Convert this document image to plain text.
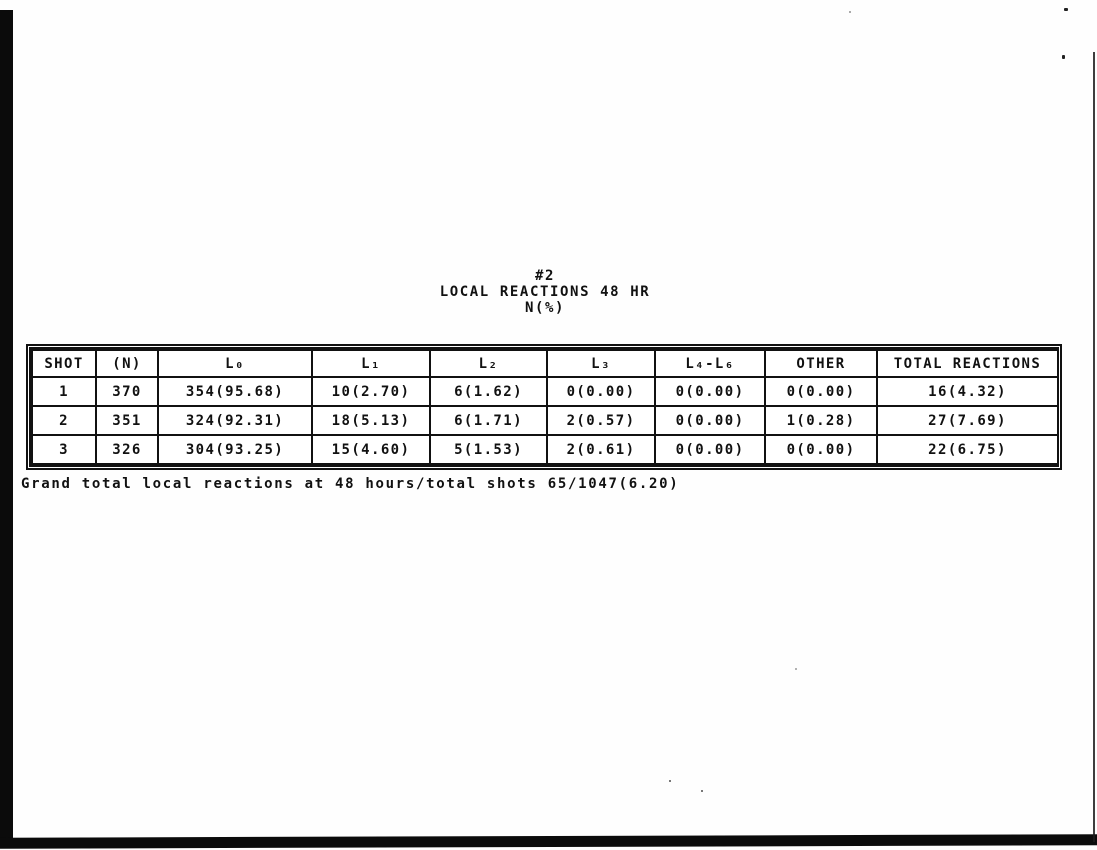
#2
LOCAL REACTIONS 48 HR
N(%)
SHOT	(N)	L₀	L₁	L₂	L₃	L₄-L₆	OTHER	TOTAL REACTIONS
1	370	354(95.68)	10(2.70)	6(1.62)	0(0.00)	0(0.00)	0(0.00)	16(4.32)
2	351	324(92.31)	18(5.13)	6(1.71)	2(0.57)	0(0.00)	1(0.28)	27(7.69)
3	326	304(93.25)	15(4.60)	5(1.53)	2(0.61)	0(0.00)	0(0.00)	22(6.75)
Grand total local reactions at 48 hours/total shots 65/1047(6.20)
